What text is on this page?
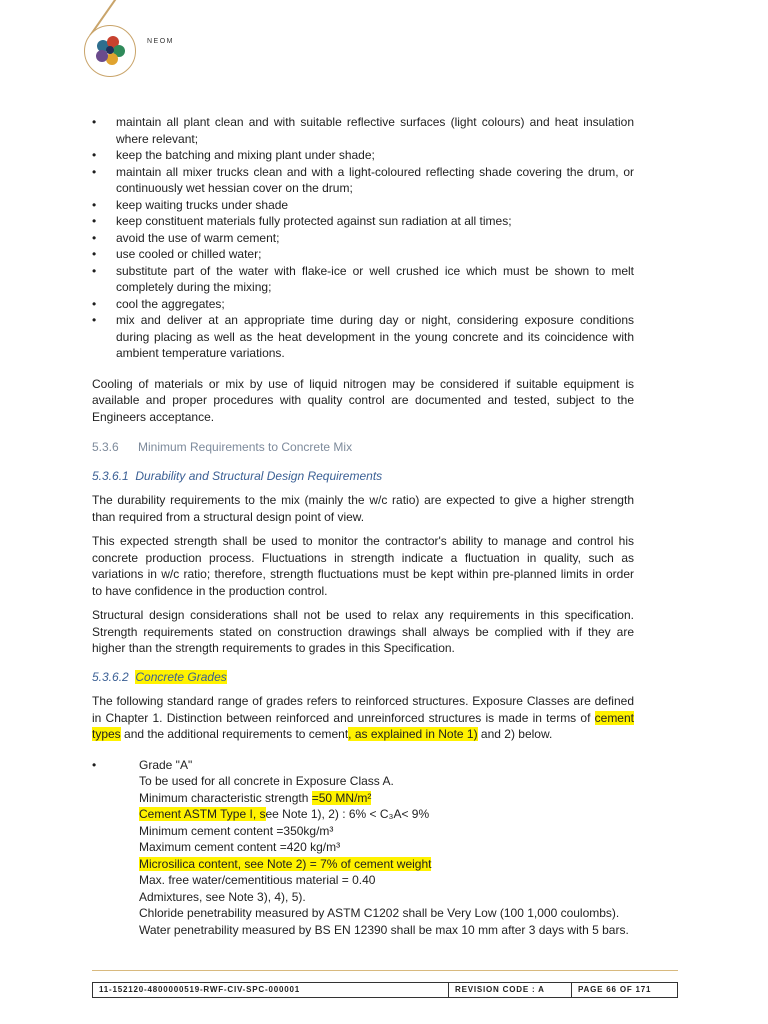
NEOM
• maintain all plant clean and with suitable reflective surfaces (light colours) and heat insulation where relevant;
• keep the batching and mixing plant under shade;
• maintain all mixer trucks clean and with a light-coloured reflecting shade covering the drum, or continuously wet hessian cover on the drum;
• keep waiting trucks under shade
• keep constituent materials fully protected against sun radiation at all times;
• avoid the use of warm cement;
• use cooled or chilled water;
• substitute part of the water with flake-ice or well crushed ice which must be shown to melt completely during the mixing;
• cool the aggregates;
• mix and deliver at an appropriate time during day or night, considering exposure conditions during placing as well as the heat development in the young concrete and its coincidence with ambient temperature variations.

Cooling of materials or mix by use of liquid nitrogen may be considered if suitable equipment is available and proper procedures with quality control are documented and tested, subject to the Engineers acceptance.

5.3.6 Minimum Requirements to Concrete Mix
5.3.6.1 Durability and Structural Design Requirements

The durability requirements to the mix (mainly the w/c ratio) are expected to give a higher strength than required from a structural design point of view.

This expected strength shall be used to monitor the contractor's ability to manage and control his concrete production process. Fluctuations in strength indicate a fluctuation in quality, such as variations in w/c ratio; therefore, strength fluctuations must be kept within pre-planned limits in order to have confidence in the production control.

Structural design considerations shall not be used to relax any requirements in this specification. Strength requirements stated on construction drawings shall always be complied with if they are higher than the strength requirements to grades in this Specification.

5.3.6.2 Concrete Grades

The following standard range of grades refers to reinforced structures. Exposure Classes are defined in Chapter 1. Distinction between reinforced and unreinforced structures is made in terms of cement types and the additional requirements to cement, as explained in Note 1) and 2) below.

•	Grade "A"
To be used for all concrete in Exposure Class A.
Minimum characteristic strength =50 MN/m²
Cement ASTM Type I, see Note 1), 2) : 6% < C₃A< 9%
Minimum cement content =350kg/m³
Maximum cement content =420 kg/m³
Microsilica content, see Note 2) = 7% of cement weight
Max. free water/cementitious material = 0.40
Admixtures, see Note 3), 4), 5).
Chloride penetrability measured by ASTM C1202 shall be Very Low (100 1,000 coulombs).
Water penetrability measured by BS EN 12390 shall be max 10 mm after 3 days with 5 bars.
11-152120-4800000519-RWF-CIV-SPC-000001	REVISION CODE : A	PAGE 66 OF 171
